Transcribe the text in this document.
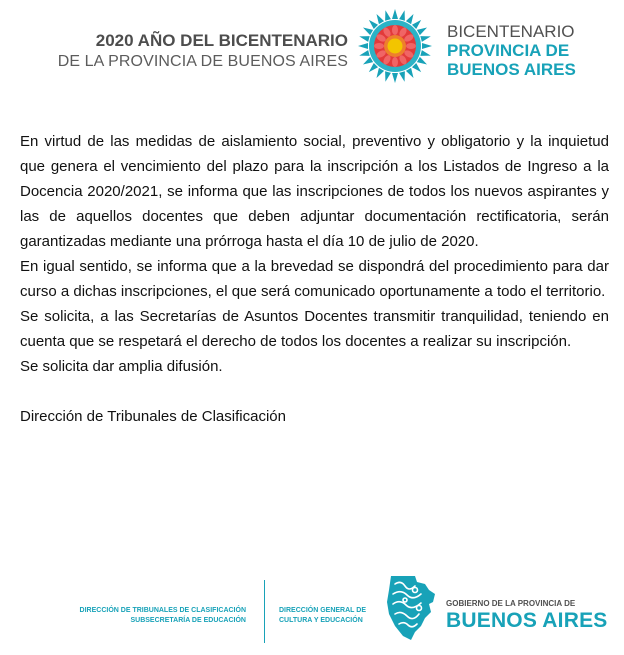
2020 AÑO DEL BICENTENARIO
DE LA PROVINCIA DE BUENOS AIRES
BICENTENARIO
PROVINCIA DE
BUENOS AIRES

En virtud de las medidas de aislamiento social, preventivo y obligatorio y la inquietud que genera el vencimiento del plazo para la inscripción a los Listados de Ingreso a la Docencia 2020/2021, se informa que las inscripciones de todos los nuevos aspirantes y las de aquellos docentes que deben adjuntar documentación rectificatoria, serán garantizadas mediante una prórroga hasta el día 10 de julio de 2020.

En igual sentido, se informa que a la brevedad se dispondrá del procedimiento para dar curso a dichas inscripciones, el que será comunicado oportunamente a todo el territorio.

Se solicita, a las Secretarías de Asuntos Docentes transmitir tranquilidad, teniendo en cuenta que se respetará el derecho de todos los docentes a realizar su inscripción.

Se solicita dar amplia difusión.

Dirección de Tribunales de Clasificación

DIRECCIÓN DE TRIBUNALES DE CLASIFICACIÓN
SUBSECRETARÍA DE EDUCACIÓN
DIRECCIÓN GENERAL DE
CULTURA Y EDUCACIÓN
GOBIERNO DE LA PROVINCIA DE
BUENOS AIRES
